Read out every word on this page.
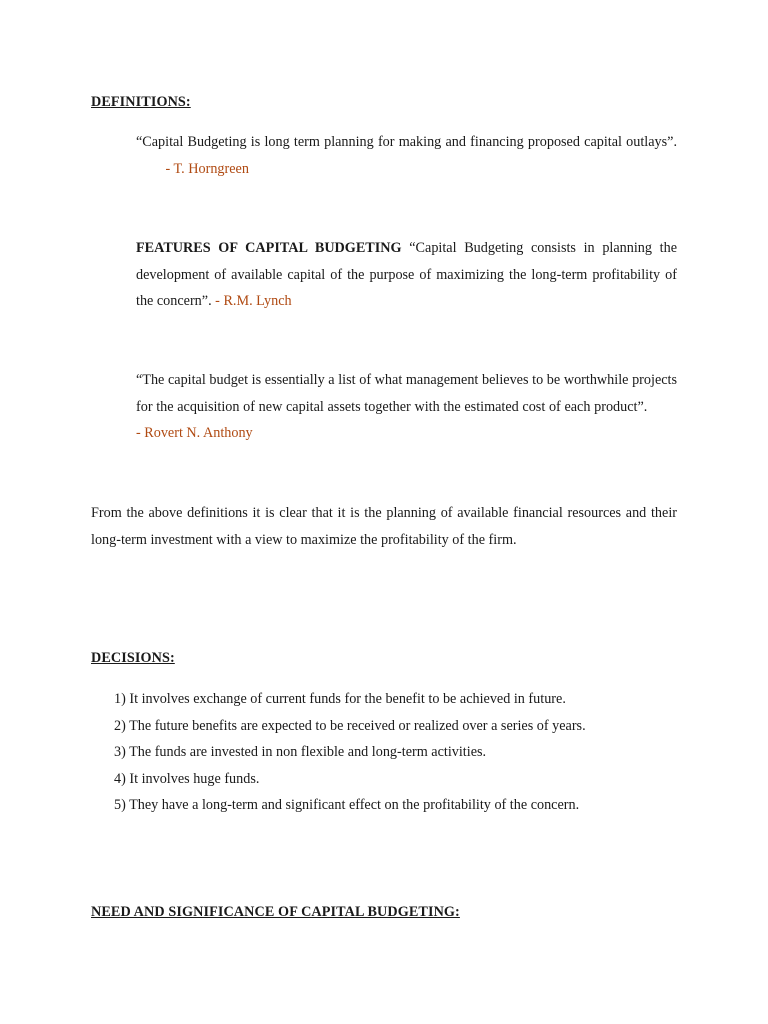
DEFINITIONS:
“Capital Budgeting is long term planning for making and financing proposed capital outlays”.  - T. Horngreen
FEATURES OF CAPITAL BUDGETING “Capital Budgeting consists in planning the development of available capital of the purpose of maximizing the long-term profitability of the concern”. - R.M. Lynch
“The capital budget is essentially a list of what management believes to be worthwhile projects for the acquisition of new capital assets together with the estimated cost of each product”.  - Rovert N. Anthony
From the above definitions it is clear that it is the planning of available financial resources and their long-term investment with a view to maximize the profitability of the firm.
DECISIONS:
1) It involves exchange of current funds for the benefit to be achieved in future.
2) The future benefits are expected to be received or realized over a series of years.
3) The funds are invested in non flexible and long-term activities.
4) It involves huge funds.
5) They have a long-term and significant effect on the profitability of the concern.
NEED AND SIGNIFICANCE OF CAPITAL BUDGETING:
